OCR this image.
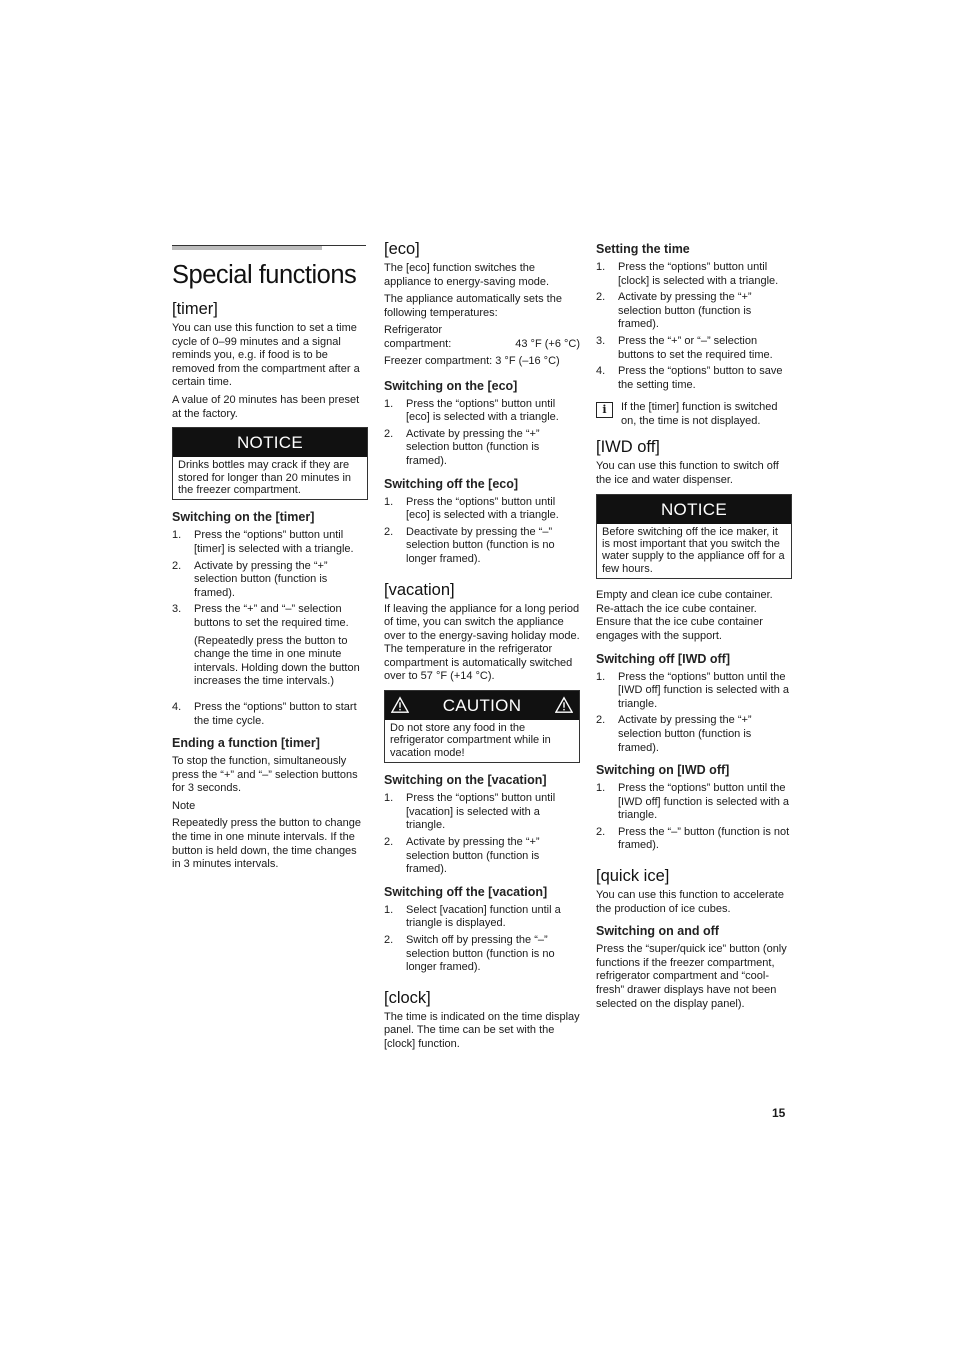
Special functions
[timer]

You can use this function to set a time cycle of 0–99 minutes and a signal reminds you, e.g. if food is to be removed from the compartment after a certain time.

A value of 20 minutes has been preset at the factory.

NOTICE
Drinks bottles may crack if they are stored for longer than 20 minutes in the freezer compartment.
Switching on the [timer]
1. Press the “options” button until [timer] is selected with a triangle.
2. Activate by pressing the “+” selection button (function is framed).
3. Press the “+” and “–” selection buttons to set the required time.
(Repeatedly press the button to change the time in one minute intervals. Holding down the button increases the time intervals.)
4. Press the “options” button to start the time cycle.
Ending a function [timer]

To stop the function, simultaneously press the “+” and “–” selection buttons for 3 seconds.

Note

Repeatedly press the button to change the time in one minute intervals. If the button is held down, the time changes in 3 minutes intervals.

[eco]

The [eco] function switches the appliance to energy-saving mode.

The appliance automatically sets the following temperatures:

Refrigerator

compartment:	43 °F (+6 °C)

Freezer compartment: 3 °F (–16 °C)

Switching on the [eco]
1. Press the “options” button until [eco] is selected with a triangle.
2. Activate by pressing the “+” selection button (function is framed).
Switching off the [eco]
1. Press the “options” button until [eco] is selected with a triangle.
2. Deactivate by pressing the “–” selection button (function is no longer framed).
[vacation]

If leaving the appliance for a long period of time, you can switch the appliance over to the energy-saving holiday mode. The temperature in the refrigerator compartment is automatically switched over to 57 °F (+14 °C).

CAUTION
Do not store any food in the refrigerator compartment while in vacation mode!
Switching on the [vacation]
1. Press the “options” button until [vacation] is selected with a triangle.
2. Activate by pressing the “+” selection button (function is framed).
Switching off the [vacation]
1. Select [vacation] function until a triangle is displayed.
2. Switch off by pressing the “–” selection button (function is no longer framed).
[clock]

The time is indicated on the time display panel. The time can be set with the [clock] function.

Setting the time
1. Press the “options” button until [clock] is selected with a triangle.
2. Activate by pressing the “+” selection button (function is framed).
3. Press the “+” or “–” selection buttons to set the required time.
4. Press the “options” button to save the setting time.
i	If the [timer] function is switched on, the time is not displayed.
[IWD off]

You can use this function to switch off the ice and water dispenser.

NOTICE
Before switching off the ice maker, it is most important that you switch the water supply to the appliance off for a few hours.

Empty and clean ice cube container. Re-attach the ice cube container. Ensure that the ice cube container engages with the support.

Switching off [IWD off]
1. Press the “options” button until the [IWD off] function is selected with a triangle.
2. Activate by pressing the “+” selection button (function is framed).
Switching on [IWD off]
1. Press the “options” button until the [IWD off] function is selected with a triangle.
2. Press the “–” button (function is not framed).
[quick ice]

You can use this function to accelerate the production of ice cubes.

Switching on and off

Press the “super/quick ice” button (only functions if the freezer compartment, refrigerator compartment and “cool-fresh” drawer displays have not been selected on the display panel).

15
